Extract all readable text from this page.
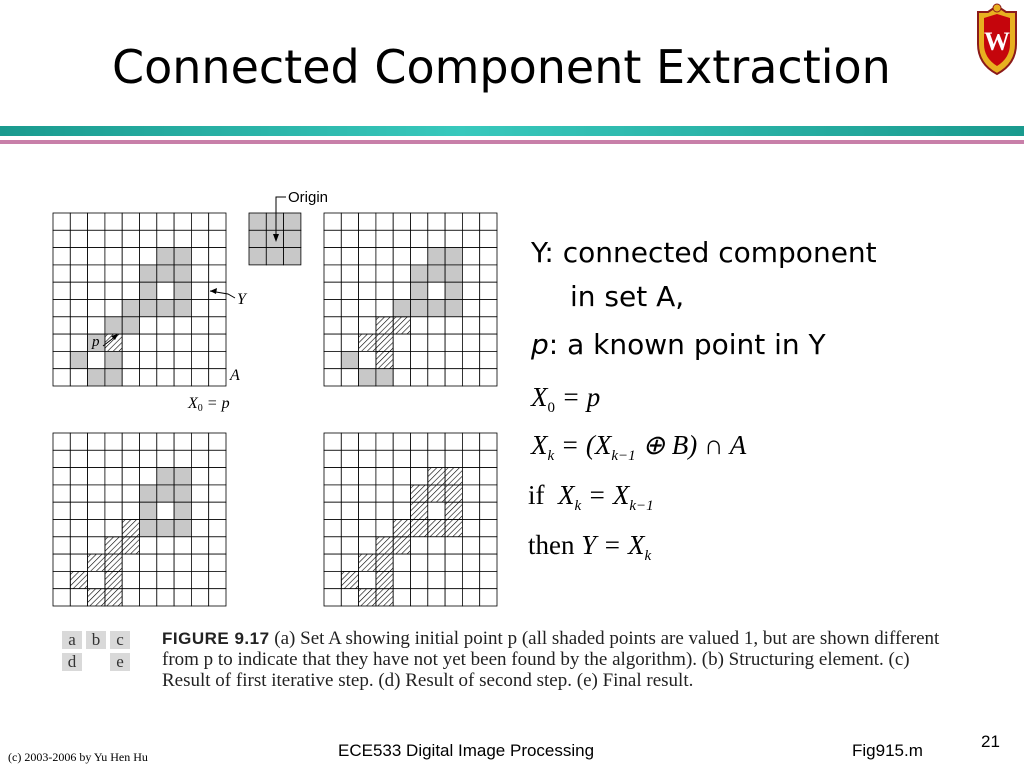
Connected Component Extraction	W
Origin
Y
p
A
X0 = p
Y: connected component
in set A,
p: a known point in Y
$X_0 = p$
$X_k = (X_{k-1}$ ⊕ B) ∩ A
if $X_k = X_{k-1}$
then $Y = X_k$
a b c
d	e
FIGURE 9.17 (a) Set A showing initial point p (all shaded points are valued 1, but are shown different from p to indicate that they have not yet been found by the algorithm). (b) Structuring element. (c) Result of first iterative step. (d) Result of second step. (e) Final result.
(c) 2003-2006 by Yu Hen Hu	ECE533 Digital Image Processing	Fig915.m	21
